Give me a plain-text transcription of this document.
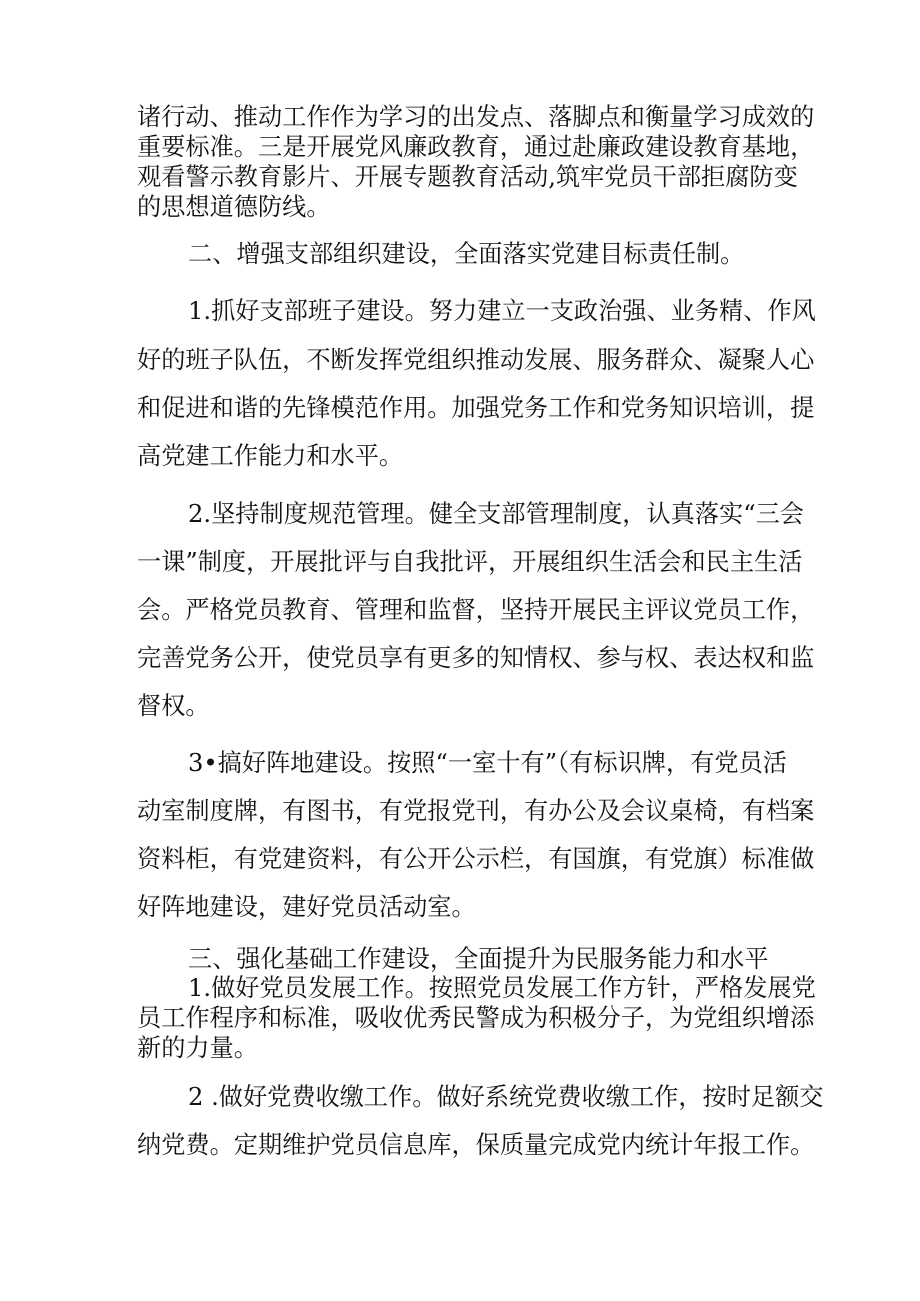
诸行动、推动工作作为学习的出发点、落脚点和衡量学习成效的

重要标准。三是开展党风廉政教育，通过赴廉政建设教育基地，

观看警示教育影片、开展专题教育活动,筑牢党员干部拒腐防变

的思想道德防线。

二、增强支部组织建设，全面落实党建目标责任制。

1.抓好支部班子建设。努力建立一支政治强、业务精、作风

好的班子队伍，不断发挥党组织推动发展、服务群众、凝聚人心

和促进和谐的先锋模范作用。加强党务工作和党务知识培训，提

高党建工作能力和水平。

2.坚持制度规范管理。健全支部管理制度，认真落实“三会

一课”制度，开展批评与自我批评，开展组织生活会和民主生活

会。严格党员教育、管理和监督，坚持开展民主评议党员工作，

完善党务公开，使党员享有更多的知情权、参与权、表达权和监

督权。

3•搞好阵地建设。按照“一室十有”（有标识牌，有党员活

动室制度牌，有图书，有党报党刊，有办公及会议桌椅，有档案

资料柜，有党建资料，有公开公示栏，有国旗，有党旗）标准做

好阵地建设，建好党员活动室。

三、强化基础工作建设，全面提升为民服务能力和水平

1.做好党员发展工作。按照党员发展工作方针，严格发展党

员工作程序和标准，吸收优秀民警成为积极分子，为党组织增添

新的力量。

2 .做好党费收缴工作。做好系统党费收缴工作，按时足额交

纳党费。定期维护党员信息库，保质量完成党内统计年报工作。
